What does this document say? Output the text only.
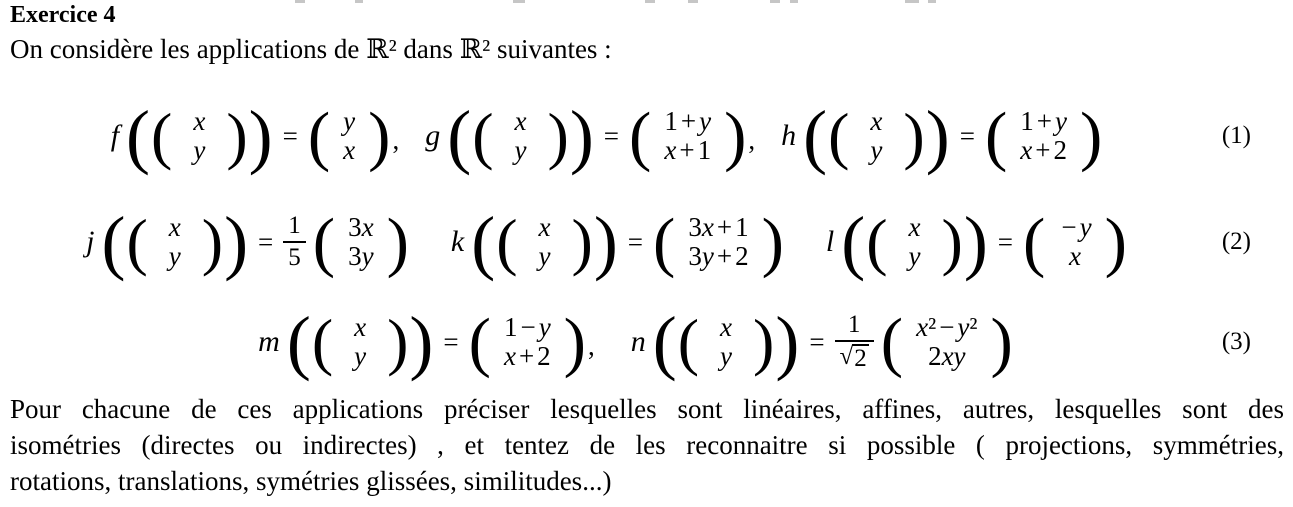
Exercice 4
On considère les applications de ℝ² dans ℝ² suivantes :
f ( ( x
y ) ) = ( y
x ) , g ( ( x
y ) ) = ( 1 + y
x + 1 ) , h ( ( x
y ) ) = ( 1 + y
x + 2 )	(1)
j ( ( x
y ) ) = $\frac{1}{5}$ ( 3x
3y ) k ( ( x
y ) ) = ( 3x + 1
3y + 2 ) l ( ( x
y ) ) = ( − y
x )	(2)
m ( ( x
y ) ) = ( 1 − y
x + 2 ) , n ( ( x
y ) ) = $\frac{1}{√ 2}$ ( x² − y²
2xy )	(3)
Pour chacune de ces applications préciser lesquelles sont linéaires, affines, autres, lesquelles sont des
isométries (directes ou indirectes) , et tentez de les reconnaitre si possible ( projections, symmétries,
rotations, translations, symétries glissées, similitudes...)
